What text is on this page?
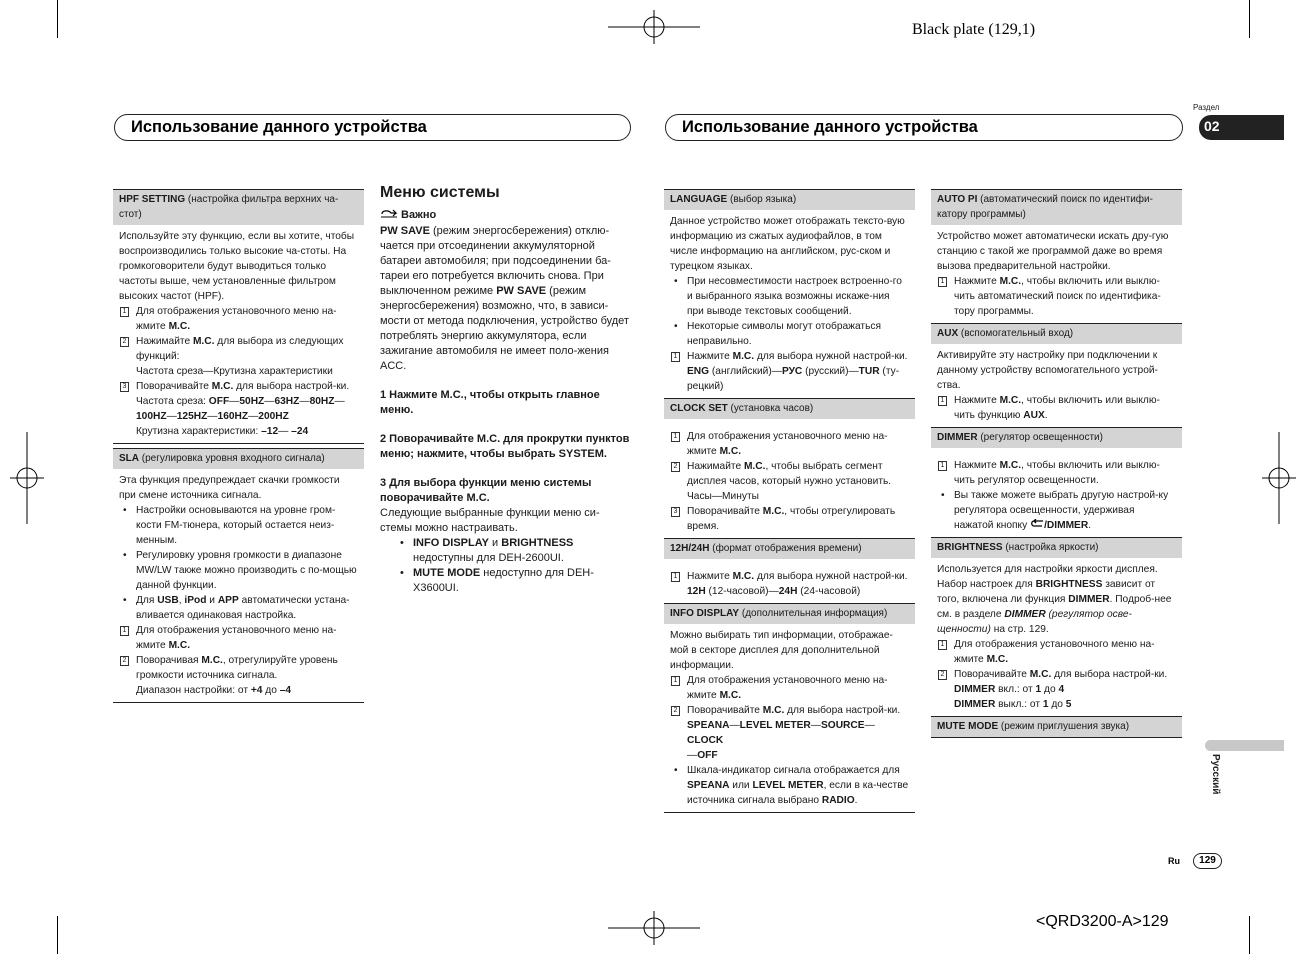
Black plate (129,1)
<QRD3200-A>129
Использование данного устройства	Использование данного устройства
Раздел
02
Русский
Ru	129
HPF SETTING (настройка фильтра верхних ча-стот)

Используйте эту функцию, если вы хотите, чтобы воспроизводились только высокие ча-стоты. На громкоговорители будут выводиться только частоты выше, чем установленные фильтром высоких частот (HPF).

1 Для отображения установочного меню на-жмите M.C.
2 Нажимайте M.C. для выбора из следующих функций:
Частота среза—Крутизна характеристики
3 Поворачивайте M.C. для выбора настрой-ки.
Частота среза: OFF—50HZ—63HZ—80HZ—
100HZ—125HZ—160HZ—200HZ
Крутизна характеристики: –12— –24
SLA (регулировка уровня входного сигнала)

Эта функция предупреждает скачки громкости при смене источника сигнала.

• Настройки основываются на уровне гром-кости FM-тюнера, который остается неиз-менным.
• Регулировку уровня громкости в диапазоне MW/LW также можно производить с по-мощью данной функции.
• Для USB, iPod и APP автоматически устана-вливается одинаковая настройка.
1 Для отображения установочного меню на-жмите M.C.
2 Поворачивая M.C., отрегулируйте уровень громкости источника сигнала.
Диапазон настройки: от +4 до –4
Меню системы
Важно

PW SAVE (режим энергосбережения) отклю-чается при отсоединении аккумуляторной батареи автомобиля; при подсоединении ба-тареи его потребуется включить снова. При выключенном режиме PW SAVE (режим энергосбережения) возможно, что, в зависи-мости от метода подключения, устройство будет потреблять энергию аккумулятора, если зажигание автомобиля не имеет поло-жения ACC.

1 Нажмите M.C., чтобы открыть главное меню.
2 Поворачивайте M.C. для прокрутки пунктов меню; нажмите, чтобы выбрать SYSTEM.
3 Для выбора функции меню системы поворачивайте M.C.

Следующие выбранные функции меню си-стемы можно настраивать.

• INFO DISPLAY и BRIGHTNESS недоступны для DEH-2600UI.
• MUTE MODE недоступно для DEH-X3600UI.
LANGUAGE (выбор языка)

Данное устройство может отображать тексто-вую информацию из сжатых аудиофайлов, в том числе информацию на английском, рус-ском и турецком языках.

• При несовместимости настроек встроенно-го и выбранного языка возможны искаже-ния при выводе текстовых сообщений.
• Некоторые символы могут отображаться неправильно.
1 Нажмите M.C. для выбора нужной настрой-ки.
ENG (английский)—РУС (русский)—TUR (ту-рецкий)
CLOCK SET (установка часов)
1 Для отображения установочного меню на-жмите M.C.
2 Нажимайте M.C., чтобы выбрать сегмент дисплея часов, который нужно установить.
Часы—Минуты
3 Поворачивайте M.C., чтобы отрегулировать время.
12H/24H (формат отображения времени)
1 Нажмите M.C. для выбора нужной настрой-ки.
12H (12-часовой)—24H (24-часовой)
INFO DISPLAY (дополнительная информация)

Можно выбирать тип информации, отображае-мой в секторе дисплея для дополнительной информации.

1 Для отображения установочного меню на-жмите M.C.
2 Поворачивайте M.C. для выбора настрой-ки.
SPEANA—LEVEL METER—SOURCE—CLOCK
—OFF
• Шкала-индикатор сигнала отображается для SPEANA или LEVEL METER, если в ка-честве источника сигнала выбрано RADIO.
AUTO PI (автоматический поиск по идентифи-катору программы)

Устройство может автоматически искать дру-гую станцию с такой же программой даже во время вызова предварительной настройки.

1 Нажмите M.C., чтобы включить или выклю-чить автоматический поиск по идентифика-тору программы.
AUX (вспомогательный вход)

Активируйте эту настройку при подключении к данному устройству вспомогательного устрой-ства.

1 Нажмите M.C., чтобы включить или выклю-чить функцию AUX.
DIMMER (регулятор освещенности)
1 Нажмите M.C., чтобы включить или выклю-чить регулятор освещенности.
• Вы также можете выбрать другую настрой-ку регулятора освещенности, удерживая нажатой кнопку /DIMMER.
BRIGHTNESS (настройка яркости)

Используется для настройки яркости дисплея. Набор настроек для BRIGHTNESS зависит от того, включена ли функция DIMMER. Подроб-нее см. в разделе DIMMER (регулятор осве-щенности) на стр. 129.

1 Для отображения установочного меню на-жмите M.C.
2 Поворачивайте M.C. для выбора настрой-ки.
DIMMER вкл.: от 1 до 4
DIMMER выкл.: от 1 до 5
MUTE MODE (режим приглушения звука)
